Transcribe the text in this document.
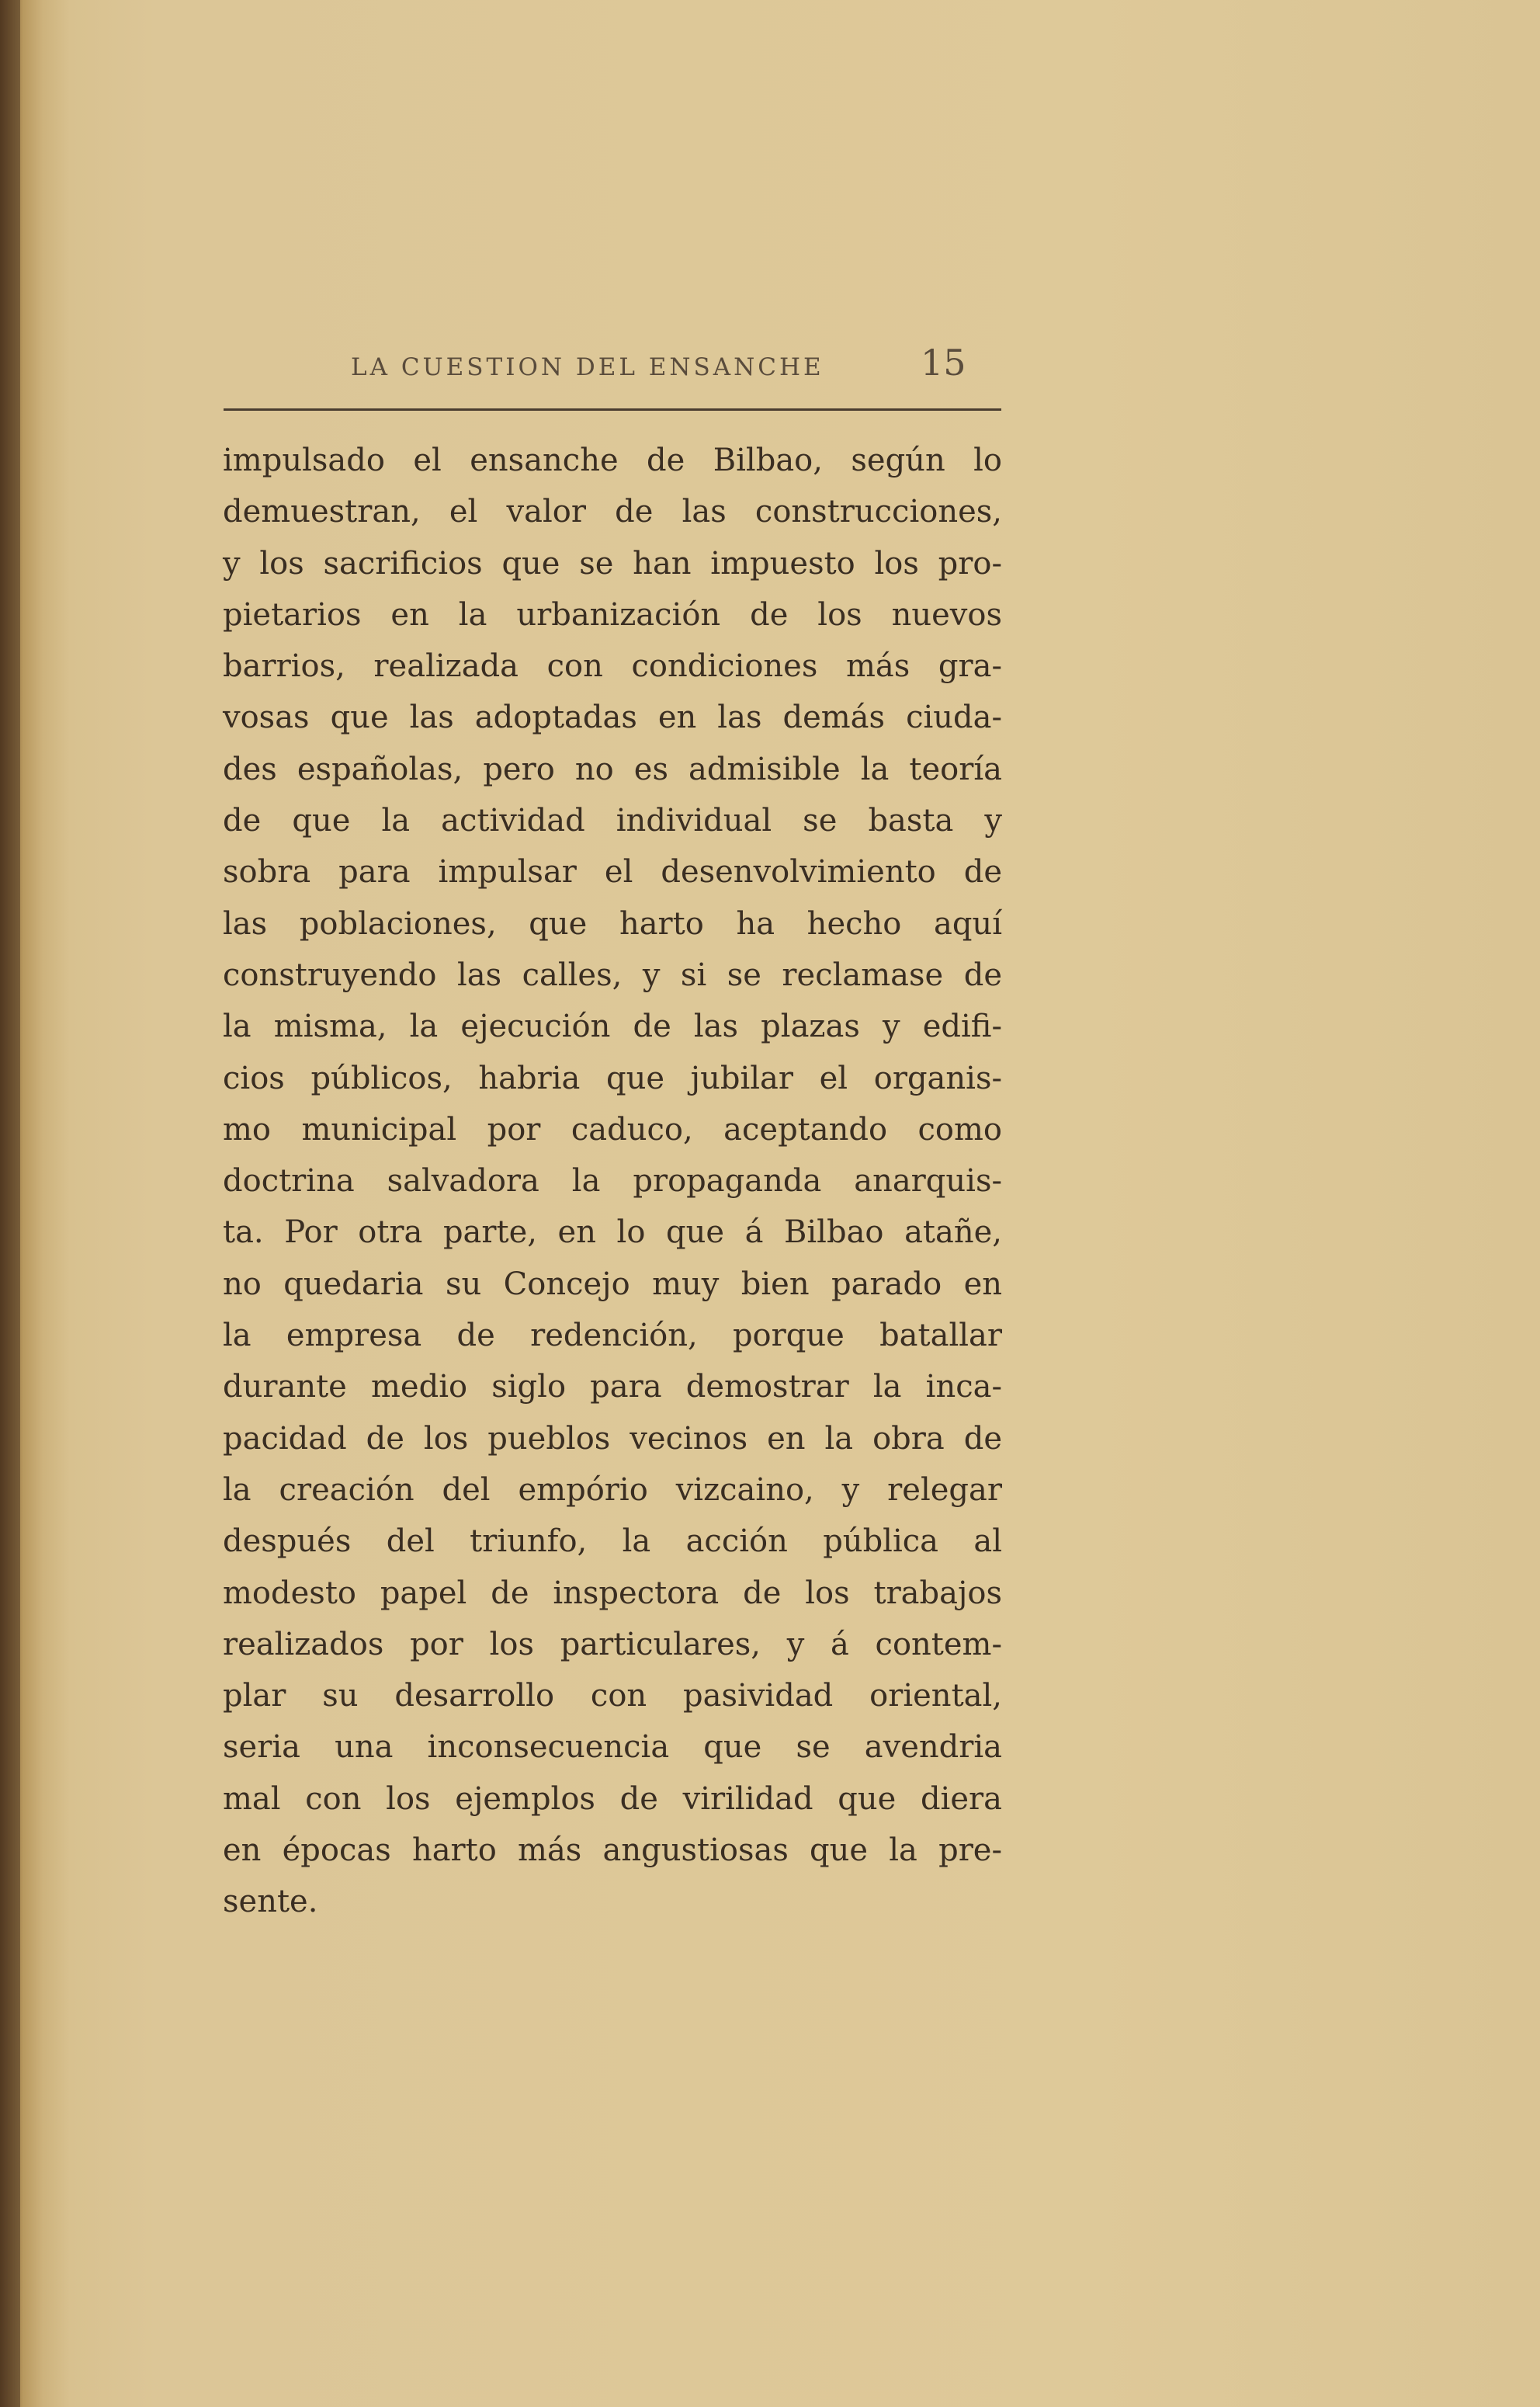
LA CUESTION DEL ENSANCHE	15
impulsado el ensanche de Bilbao, según lo
demuestran, el valor de las construcciones,
y los sacrificios que se han impuesto los pro-
pietarios en la urbanización de los nuevos
barrios, realizada con condiciones más gra-
vosas que las adoptadas en las demás ciuda-
des españolas, pero no es admisible la teoría
de que la actividad individual se basta y
sobra para impulsar el desenvolvimiento de
las poblaciones, que harto ha hecho aquí
construyendo las calles, y si se reclamase de
la misma, la ejecución de las plazas y edifi-
cios públicos, habria que jubilar el organis-
mo municipal por caduco, aceptando como
doctrina salvadora la propaganda anarquis-
ta. Por otra parte, en lo que á Bilbao atañe,
no quedaria su Concejo muy bien parado en
la empresa de redención, porque batallar
durante medio siglo para demostrar la inca-
pacidad de los pueblos vecinos en la obra de
la creación del empório vizcaino, y relegar
después del triunfo, la acción pública al
modesto papel de inspectora de los trabajos
realizados por los particulares, y á contem-
plar su desarrollo con pasividad oriental,
seria una inconsecuencia que se avendria
mal con los ejemplos de virilidad que diera
en épocas harto más angustiosas que la pre-
sente.
